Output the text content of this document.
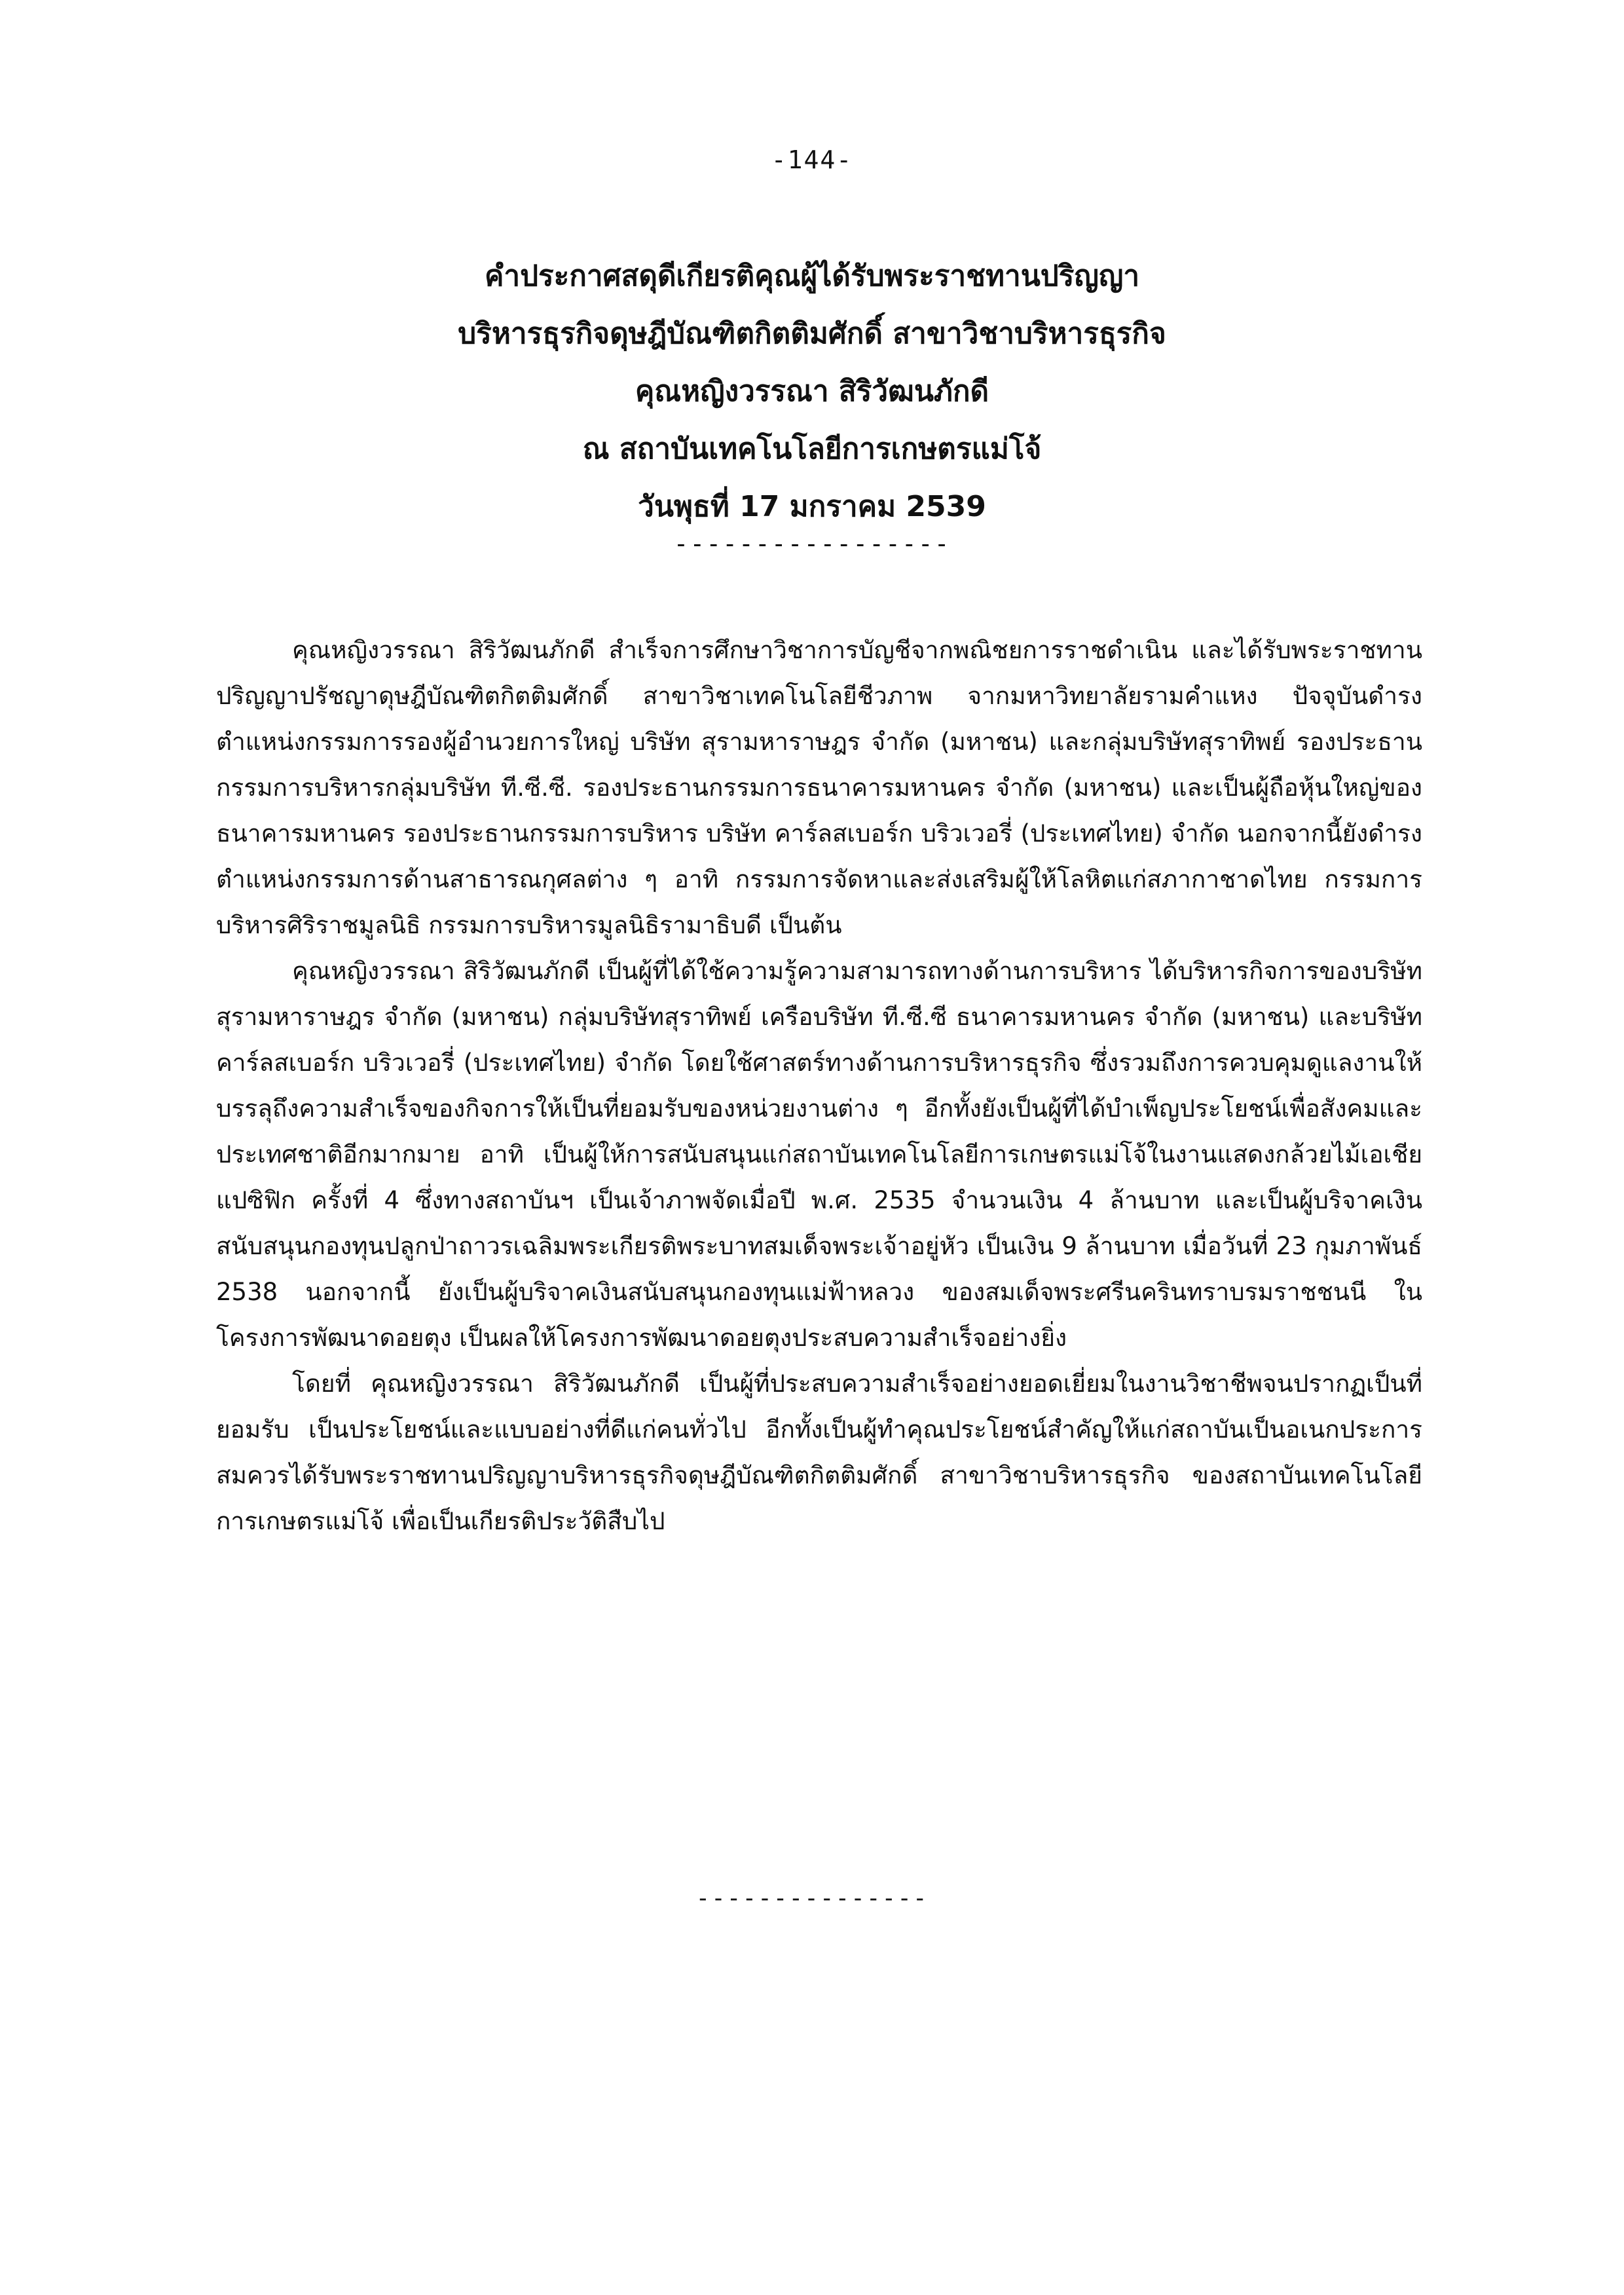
-144-
คำประกาศสดุดีเกียรติคุณผู้ได้รับพระราชทานปริญญา
บริหารธุรกิจดุษฎีบัณฑิตกิตติมศักดิ์ สาขาวิชาบริหารธุรกิจ
คุณหญิงวรรณา สิริวัฒนภักดี
ณ สถาบันเทคโนโลยีการเกษตรแม่โจ้
วันพุธที่ 17 มกราคม 2539
-----------------

คุณหญิงวรรณา สิริวัฒนภักดี สำเร็จการศึกษาวิชาการบัญชีจากพณิชยการราชดำเนิน และได้รับพระราชทานปริญญาปรัชญาดุษฎีบัณฑิตกิตติมศักดิ์ สาขาวิชาเทคโนโลยีชีวภาพ จากมหาวิทยาลัยรามคำแหง ปัจจุบันดำรงตำแหน่งกรรมการรองผู้อำนวยการใหญ่ บริษัท สุรามหาราษฎร จำกัด (มหาชน) และกลุ่มบริษัทสุราทิพย์ รองประธานกรรมการบริหารกลุ่มบริษัท ที.ซี.ซี. รองประธานกรรมการธนาคารมหานคร จำกัด (มหาชน) และเป็นผู้ถือหุ้นใหญ่ของธนาคารมหานคร รองประธานกรรมการบริหาร บริษัท คาร์ลสเบอร์ก บริวเวอรี่ (ประเทศไทย) จำกัด นอกจากนี้ยังดำรงตำแหน่งกรรมการด้านสาธารณกุศลต่าง ๆ อาทิ กรรมการจัดหาและส่งเสริมผู้ให้โลหิตแก่สภากาชาดไทย กรรมการบริหารศิริราชมูลนิธิ กรรมการบริหารมูลนิธิรามาธิบดี เป็นต้น

คุณหญิงวรรณา สิริวัฒนภักดี เป็นผู้ที่ได้ใช้ความรู้ความสามารถทางด้านการบริหาร ได้บริหารกิจการของบริษัท สุรามหาราษฎร จำกัด (มหาชน) กลุ่มบริษัทสุราทิพย์ เครือบริษัท ที.ซี.ซี ธนาคารมหานคร จำกัด (มหาชน) และบริษัท คาร์ลสเบอร์ก บริวเวอรี่ (ประเทศไทย) จำกัด โดยใช้ศาสตร์ทางด้านการบริหารธุรกิจ ซึ่งรวมถึงการควบคุมดูแลงานให้บรรลุถึงความสำเร็จของกิจการให้เป็นที่ยอมรับของหน่วยงานต่าง ๆ อีกทั้งยังเป็นผู้ที่ได้บำเพ็ญประโยชน์เพื่อสังคมและประเทศชาติอีกมากมาย อาทิ เป็นผู้ให้การสนับสนุนแก่สถาบันเทคโนโลยีการเกษตรแม่โจ้ในงานแสดงกล้วยไม้เอเชียแปซิฟิก ครั้งที่ 4 ซึ่งทางสถาบันฯ เป็นเจ้าภาพจัดเมื่อปี พ.ศ. 2535 จำนวนเงิน 4 ล้านบาท และเป็นผู้บริจาคเงินสนับสนุนกองทุนปลูกป่าถาวรเฉลิมพระเกียรติพระบาทสมเด็จพระเจ้าอยู่หัว เป็นเงิน 9 ล้านบาท เมื่อวันที่ 23 กุมภาพันธ์ 2538 นอกจากนี้ ยังเป็นผู้บริจาคเงินสนับสนุนกองทุนแม่ฟ้าหลวง ของสมเด็จพระศรีนครินทราบรมราชชนนี ในโครงการพัฒนาดอยตุง เป็นผลให้โครงการพัฒนาดอยตุงประสบความสำเร็จอย่างยิ่ง

โดยที่ คุณหญิงวรรณา สิริวัฒนภักดี เป็นผู้ที่ประสบความสำเร็จอย่างยอดเยี่ยมในงานวิชาชีพจนปรากฏเป็นที่ยอมรับ เป็นประโยชน์และแบบอย่างที่ดีแก่คนทั่วไป อีกทั้งเป็นผู้ทำคุณประโยชน์สำคัญให้แก่สถาบันเป็นอเนกประการ สมควรได้รับพระราชทานปริญญาบริหารธุรกิจดุษฎีบัณฑิตกิตติมศักดิ์ สาขาวิชาบริหารธุรกิจ ของสถาบันเทคโนโลยีการเกษตรแม่โจ้ เพื่อเป็นเกียรติประวัติสืบไป

---------------
